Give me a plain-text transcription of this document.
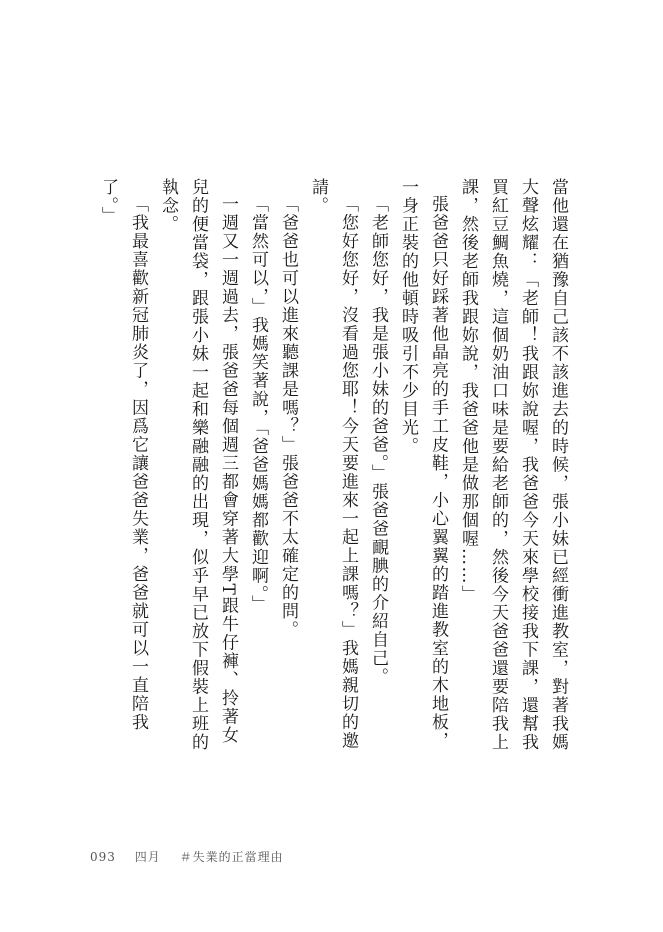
當他還在猶豫自己該不該進去的時候，張小妹已經衝進教室，對著我媽大聲炫耀：「老師！我跟妳說喔，我爸爸今天來學校接我下課，還幫我買紅豆鯛魚燒，這個奶油口味是要給老師的，然後今天爸爸還要陪我上課，然後老師我跟妳說，我爸爸他是做那個喔……」

張爸爸只好踩著他晶亮的手工皮鞋，小心翼翼的踏進教室的木地板，一身正裝的他頓時吸引不少目光。

「老師您好，我是張小妹的爸爸。」張爸爸靦腆的介紹自己。

「您好您好，沒看過您耶！今天要進來一起上課嗎？」我媽親切的邀請。

「爸爸也可以進來聽課是嗎？」張爸爸不太確定的問。

「當然可以，」我媽笑著說，「爸爸媽媽都歡迎啊。」

一週又一週過去，張爸爸每個週三都會穿著大學T跟牛仔褲、拎著女兒的便當袋，跟張小妹一起和樂融融的出現，似乎早已放下假裝上班的執念。

「我最喜歡新冠肺炎了，因爲它讓爸爸失業，爸爸就可以一直陪我了。」

093 四月 ＃失業的正當理由
